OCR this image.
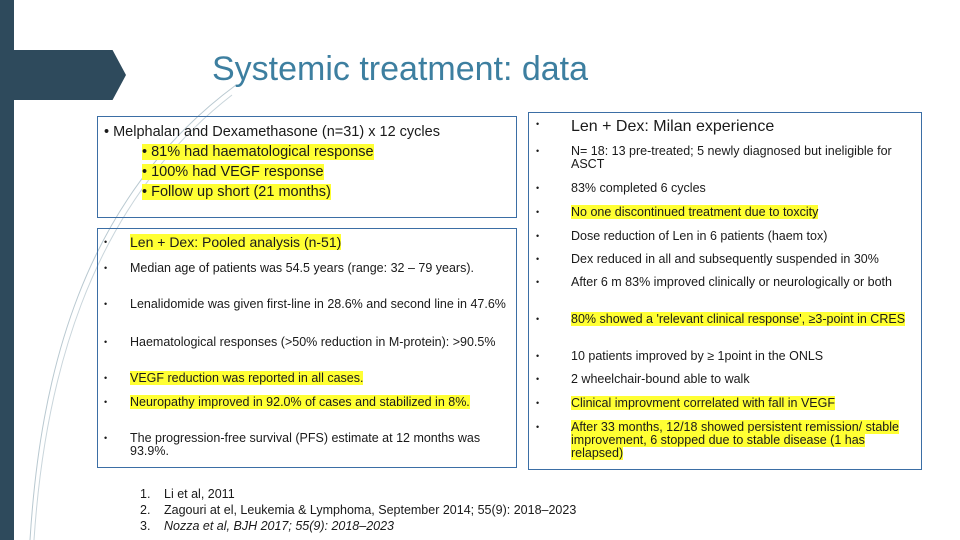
Systemic treatment: data
• Melphalan and Dexamethasone (n=31) x 12 cycles
• 81% had haematological response
• 100% had VEGF response
• Follow up short (21 months)
•	Len + Dex: Pooled analysis (n-51)
•	Median age of patients was 54.5 years (range: 32 – 79 years).
•	Lenalidomide was given first-line in 28.6% and second line in 47.6%
•	Haematological responses (>50% reduction in M-protein): >90.5%
•	VEGF reduction was reported in all cases.
•	Neuropathy improved in 92.0% of cases and stabilized in 8%.
•	The progression-free survival (PFS) estimate at 12 months was 93.9%.
•	Len + Dex: Milan experience
•	N= 18: 13 pre-treated; 5 newly diagnosed but ineligible for ASCT
•	83% completed 6 cycles
•	No one discontinued treatment due to toxcity
•	Dose reduction of Len in 6 patients (haem tox)
•	Dex reduced in all and subsequently suspended in 30%
•	After 6 m 83% improved clinically or neurologically or both
•	80% showed a 'relevant clinical response', ≥3-point in CRES
•	10 patients improved by ≥ 1point in the ONLS
•	2 wheelchair-bound able to walk
•	Clinical improvment correlated with fall in VEGF
•	After 33 months, 12/18 showed persistent remission/ stable improvement, 6 stopped due to stable disease (1 has relapsed)
1. Li et al, 2011
2. Zagouri at el, Leukemia & Lymphoma, September 2014; 55(9): 2018–2023
3. Nozza et al, BJH 2017; 55(9): 2018–2023
